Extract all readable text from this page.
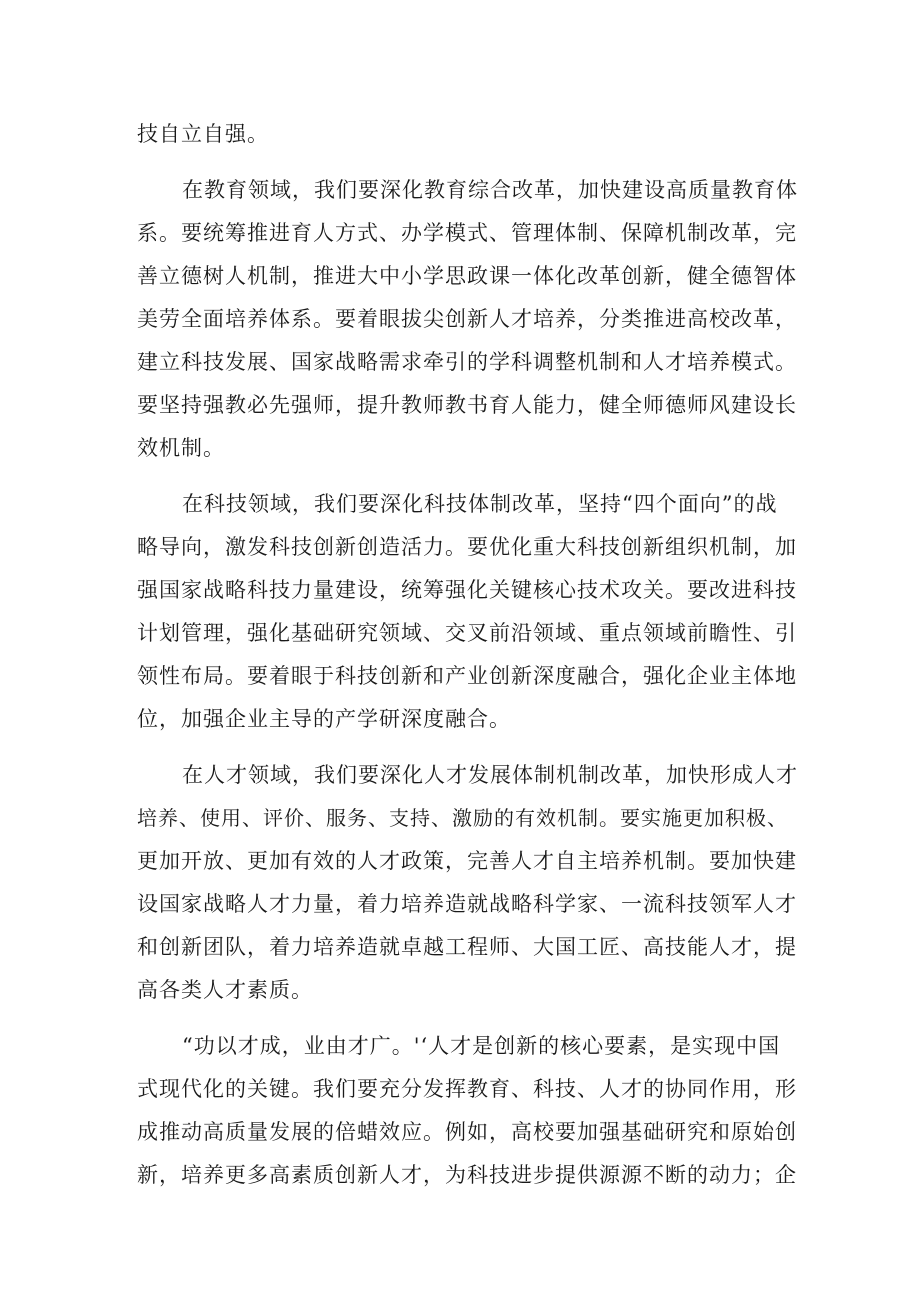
技自立自强。
在教育领域，我们要深化教育综合改革，加快建设高质量教育体
系。要统筹推进育人方式、办学模式、管理体制、保障机制改革，完
善立德树人机制，推进大中小学思政课一体化改革创新，健全德智体
美劳全面培养体系。要着眼拔尖创新人才培养，分类推进高校改革，
建立科技发展、国家战略需求牵引的学科调整机制和人才培养模式。
要坚持强教必先强师，提升教师教书育人能力，健全师德师风建设长
效机制。
在科技领域，我们要深化科技体制改革，坚持“四个面向”的战
略导向，激发科技创新创造活力。要优化重大科技创新组织机制，加
强国家战略科技力量建设，统筹强化关键核心技术攻关。要改进科技
计划管理，强化基础研究领域、交叉前沿领域、重点领域前瞻性、引
领性布局。要着眼于科技创新和产业创新深度融合，强化企业主体地
位，加强企业主导的产学研深度融合。
在人才领域，我们要深化人才发展体制机制改革，加快形成人才
培养、使用、评价、服务、支持、激励的有效机制。要实施更加积极、
更加开放、更加有效的人才政策，完善人才自主培养机制。要加快建
设国家战略人才力量，着力培养造就战略科学家、一流科技领军人才
和创新团队，着力培养造就卓越工程师、大国工匠、高技能人才，提
高各类人才素质。
“功以才成，业由才广。'‘人才是创新的核心要素，是实现中国
式现代化的关键。我们要充分发挥教育、科技、人才的协同作用，形
成推动高质量发展的倍蜡效应。例如，高校要加强基础研究和原始创
新，培养更多高素质创新人才，为科技进步提供源源不断的动力；企
